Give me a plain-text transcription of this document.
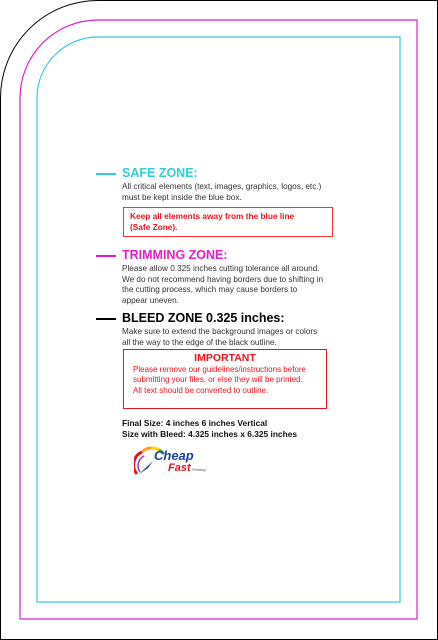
SAFE ZONE:
All critical elements (text, images, graphics, logos, etc.)
must be kept inside the blue box.
Keep all elements away from the blue line
(Safe Zone).
TRIMMING ZONE:
Please allow 0.325 inches cutting tolerance all around.
We do not recommend having borders due to shifting in
the cutting process, which may cause borders to
appear uneven.
BLEED ZONE 0.325 inches:
Make sure to extend the background images or colors
all the way to the edge of the black outline.
IMPORTANT
Please remove our guidelines/instructions before
submitting your files, or else they will be printed.
All text should be converted to outline.
Final Size: 4 inches 6 inches Vertical
Size with Bleed: 4.325 inches x 6.325 inches
Cheap
Fast Printing
